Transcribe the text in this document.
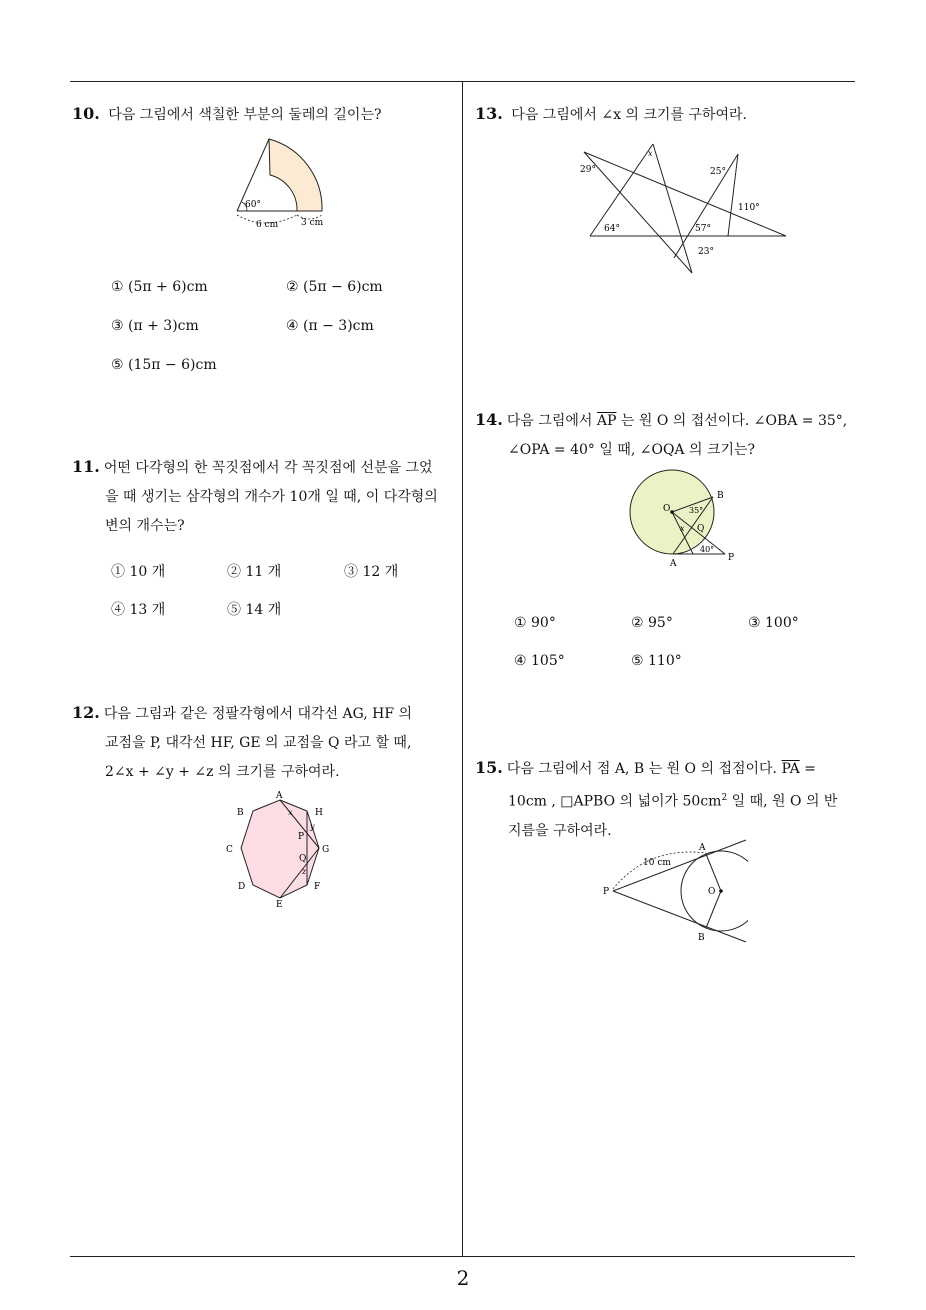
10. 다음 그림에서 색칠한 부분의 둘레의 길이는?
60°
6 cm	3 cm
① (5π + 6)cm	② (5π − 6)cm
③ (π + 3)cm	④ (π − 3)cm
⑤ (15π − 6)cm
11. 어떤 다각형의 한 꼭짓점에서 각 꼭짓점에 선분을 그었
을 때 생기는 삼각형의 개수가 10개 일 때, 이 다각형의
변의 개수는?
① 10 개	② 11 개	③ 12 개
④ 13 개	⑤ 14 개
12. 다음 그림과 같은 정팔각형에서 대각선 AG, HF 의
교점을 P, 대각선 HF, GE 의 교점을 Q 라고 할 때,
2∠x + ∠y + ∠z 의 크기를 구하여라.
A
B	H
C	G
D	F
E
P
Q
x
y
z
13. 다음 그림에서 ∠x 의 크기를 구하여라.
29°
x
25°
110°
64°	57°
23°
14. 다음 그림에서 $\overline{AP}$ 는 원 O 의 접선이다. ∠OBA = 35°,
∠OPA = 40° 일 때, ∠OQA 의 크기는?
O
B
35°
x Q
40°
A
P
① 90°	② 95°	③ 100°
④ 105°	⑤ 110°
15. 다음 그림에서 점 A, B 는 원 O 의 접점이다. $\overline{PA}$ =
10cm , □APBO 의 넓이가 $50cm^2$ 일 때, 원 O 의 반
지름을 구하여라.
10 cm
A
P	O
B
2
